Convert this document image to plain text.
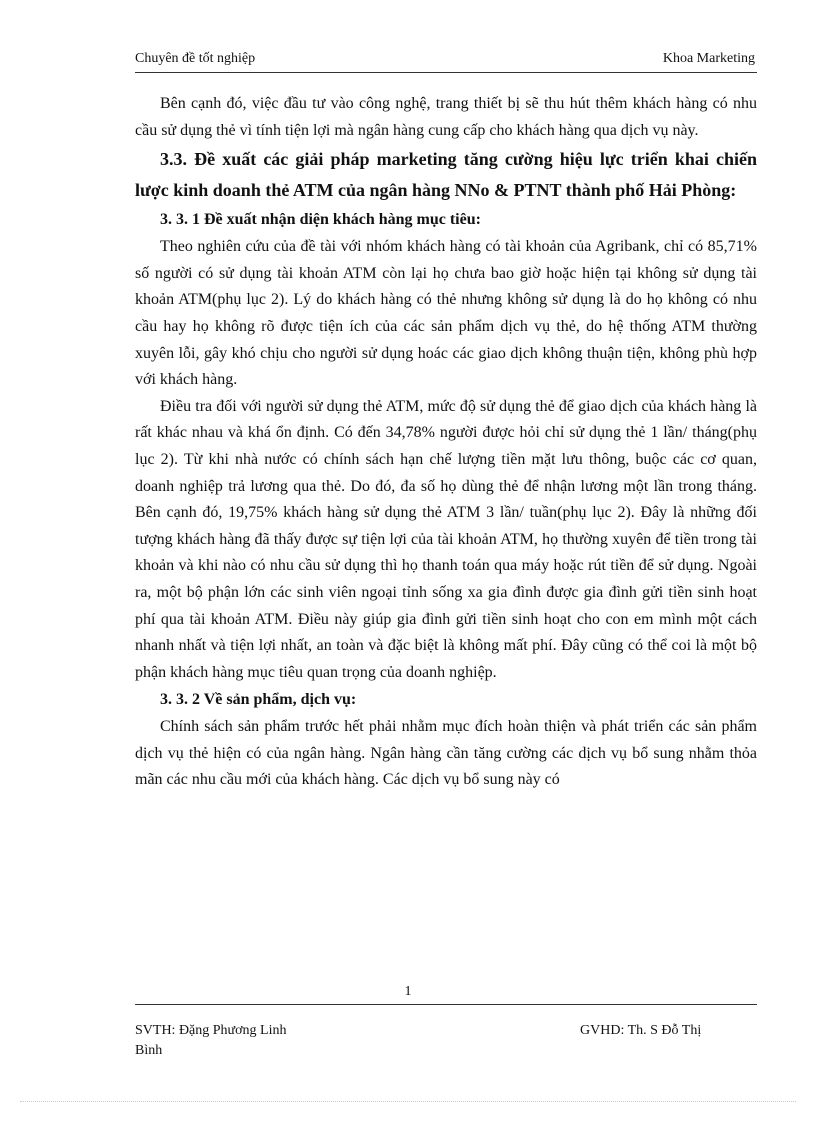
Chuyên đề tốt nghiệp	Khoa Marketing

Bên cạnh đó, việc đầu tư vào công nghệ, trang thiết bị sẽ thu hút thêm khách hàng có nhu cầu sử dụng thẻ vì tính tiện lợi mà ngân hàng cung cấp cho khách hàng qua dịch vụ này.

3.3. Đề xuất các giải pháp marketing tăng cường hiệu lực triển khai chiến lược kinh doanh thẻ ATM của ngân hàng NNo & PTNT thành phố Hải Phòng:
3. 3. 1 Đề xuất nhận diện khách hàng mục tiêu:

Theo nghiên cứu của đề tài với nhóm khách hàng có tài khoản của Agribank, chỉ có 85,71% số người có sử dụng tài khoản ATM còn lại họ chưa bao giờ hoặc hiện tại không sử dụng tài khoản ATM(phụ lục 2). Lý do khách hàng có thẻ nhưng không sử dụng là do họ không có nhu cầu hay họ không rõ được tiện ích của các sản phẩm dịch vụ thẻ, do hệ thống ATM thường xuyên lỗi, gây khó chịu cho người sử dụng hoác các giao dịch không thuận tiện, không phù hợp với khách hàng.

Điều tra đối với người sử dụng thẻ ATM, mức độ sử dụng thẻ để giao dịch của khách hàng là rất khác nhau và khá ổn định. Có đến 34,78% người được hỏi chỉ sử dụng thẻ 1 lần/ tháng(phụ lục 2). Từ khi nhà nước có chính sách hạn chế lượng tiền mặt lưu thông, buộc các cơ quan, doanh nghiệp trả lương qua thẻ. Do đó, đa số họ dùng thẻ để nhận lương một lần trong tháng. Bên cạnh đó, 19,75% khách hàng sử dụng thẻ ATM 3 lần/ tuần(phụ lục 2). Đây là những đối tượng khách hàng đã thấy được sự tiện lợi của tài khoản ATM, họ thường xuyên để tiền trong tài khoản và khi nào có nhu cầu sử dụng thì họ thanh toán qua máy hoặc rút tiền để sử dụng. Ngoài ra, một bộ phận lớn các sinh viên ngoại tỉnh sống xa gia đình được gia đình gửi tiền sinh hoạt phí qua tài khoản ATM. Điều này giúp gia đình gửi tiền sinh hoạt cho con em mình một cách nhanh nhất và tiện lợi nhất, an toàn và đặc biệt là không mất phí. Đây cũng có thể coi là một bộ phận khách hàng mục tiêu quan trọng của doanh nghiệp.

3. 3. 2 Về sản phẩm, dịch vụ:

Chính sách sản phẩm trước hết phải nhằm mục đích hoàn thiện và phát triển các sản phẩm dịch vụ thẻ hiện có của ngân hàng. Ngân hàng cần tăng cường các dịch vụ bổ sung nhằm thỏa mãn các nhu cầu mới của khách hàng. Các dịch vụ bổ sung này có

1
SVTH: Đặng Phương Linh	GVHD: Th. S Đỗ Thị
Bình
